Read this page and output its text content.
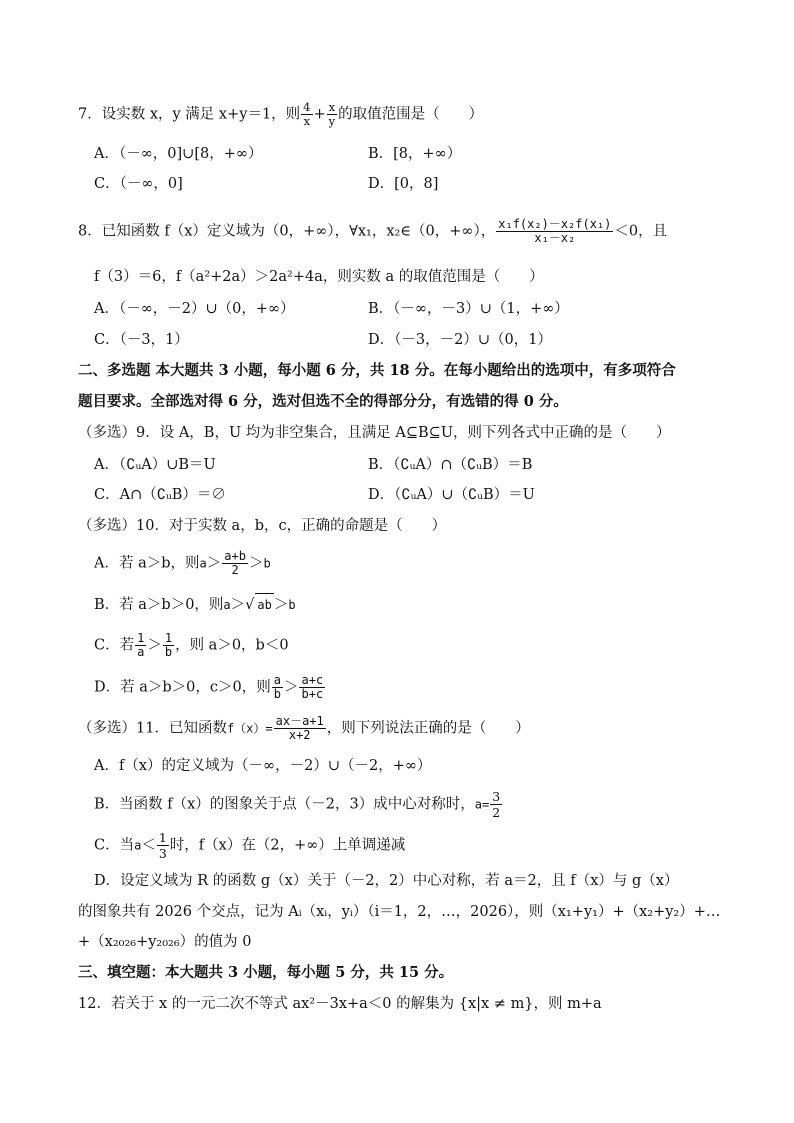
7．设实数 x，y 满足 x+y＝1，则 $\frac{4}{x} + \frac{x}{y}$ 的取值范围是（　　）
A．（－∞，0]∪[8，+∞）	B．[8，+∞）
C．（－∞，0]	D．[0，8]
8．已知函数 f（x）定义域为（0，+∞），∀x₁，x₂∈（0，+∞）， $\frac{\text{x₁f(x₂)－x₂f(x₁)}}{\text{x₁－x₂}} <0$，且
f（3）＝6，f（a²+2a）＞2a²+4a，则实数 a 的取值范围是（　　）
A．（－∞，－2）∪（0，+∞）	B．（－∞，－3）∪（1，+∞）
C．（－3，1）	D．（－3，－2）∪（0，1）
二、多选题 本大题共 3 小题，每小题 6 分，共 18 分。在每小题给出的选项中，有多项符合
题目要求。全部选对得 6 分，选对但选不全的得部分分，有选错的得 0 分。
（多选）9．设 A，B，U 均为非空集合，且满足 A⊆B⊆U，则下列各式中正确的是（　　）
A．（∁ᵤA）∪B＝U	B．（∁ᵤA）∩（∁ᵤB）＝B
C．A∩（∁ᵤB）＝∅	D．（∁ᵤA）∪（∁ᵤB）＝U
（多选）10．对于实数 a，b，c，正确的命题是（　　）
A．若 a＞b，则$a> \frac{a+b}{2} >b$
B．若 a＞b＞0，则a＞√ ab ＞b
C．若 $\frac{1}{a} > \frac{1}{b}$ ，则 a＞0，b＜0
D．若 a＞b＞0，c＞0，则 $\frac{a}{b} > \frac{a+c}{b+c}$
（多选）11．已知函数$f(x)= \frac{ax-a+1}{x+2}$ ，则下列说法正确的是（　　）
A．f（x）的定义域为（－∞，－2）∪（－2，+∞）
B．当函数 f（x）的图象关于点（－2，3）成中心对称时，$a= \frac{3}{2}$
C．当$a< \frac{1}{3}$ 时，f（x）在（2，+∞）上单调递减
D．设定义域为 R 的函数 g（x）关于（－2，2）中心对称，若 a＝2，且 f（x）与 g（x）
的图象共有 2026 个交点，记为 Aᵢ（xᵢ，yᵢ）（i＝1，2，…，2026），则（x₁+y₁）+（x₂+y₂）+…
+（x₂₀₂₆+y₂₀₂₆）的值为 0
三、填空题：本大题共 3 小题，每小题 5 分，共 15 分。
12．若关于 x 的一元二次不等式 ax²－3x+a＜0 的解集为 {x|x ≠ m}，则 m+a
